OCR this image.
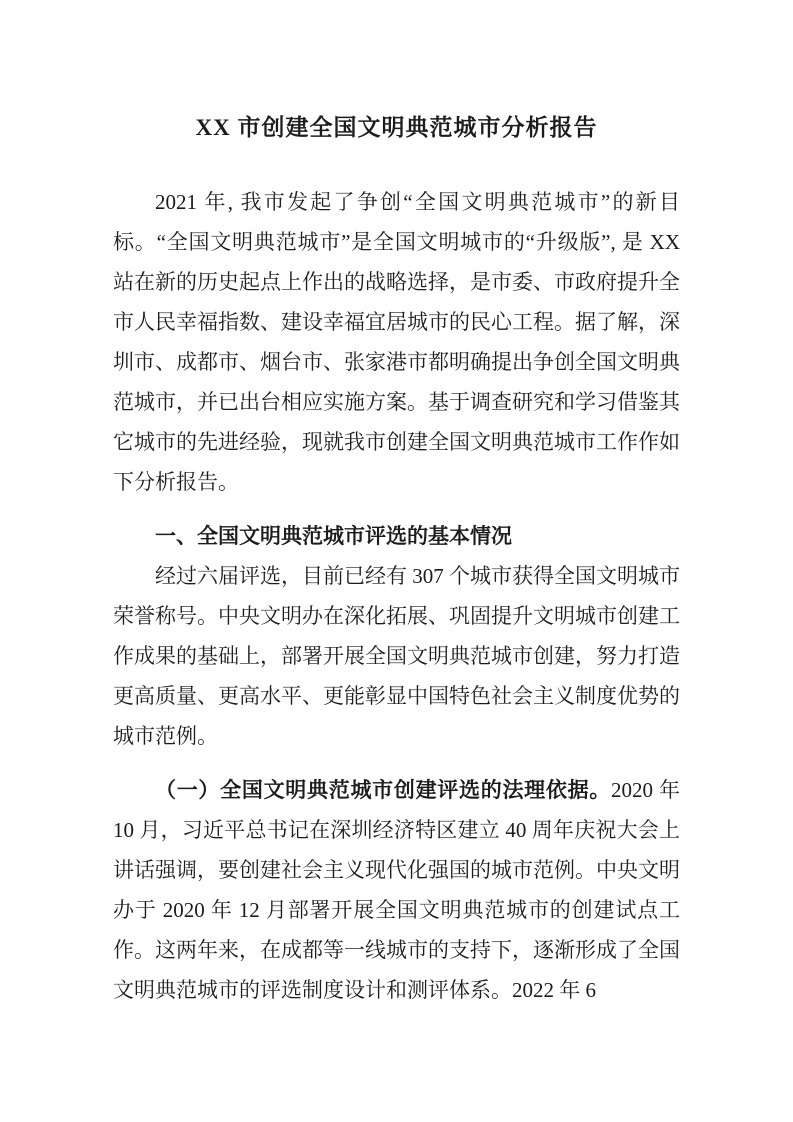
XX 市创建全国文明典范城市分析报告

2021 年, 我市发起了争创“全国文明典范城市”的新目标。“全国文明典范城市”是全国文明城市的“升级版”, 是 XX 站在新的历史起点上作出的战略选择，是市委、市政府提升全市人民幸福指数、建设幸福宜居城市的民心工程。据了解，深圳市、成都市、烟台市、张家港市都明确提出争创全国文明典范城市，并已出台相应实施方案。基于调查研究和学习借鉴其它城市的先进经验，现就我市创建全国文明典范城市工作作如下分析报告。

一、全国文明典范城市评选的基本情况

经过六届评选，目前已经有 307 个城市获得全国文明城市荣誉称号。中央文明办在深化拓展、巩固提升文明城市创建工作成果的基础上，部署开展全国文明典范城市创建，努力打造更高质量、更高水平、更能彰显中国特色社会主义制度优势的城市范例。

（一）全国文明典范城市创建评选的法理依据。2020 年 10 月，习近平总书记在深圳经济特区建立 40 周年庆祝大会上讲话强调，要创建社会主义现代化强国的城市范例。中央文明办于 2020 年 12 月部署开展全国文明典范城市的创建试点工作。这两年来，在成都等一线城市的支持下，逐渐形成了全国文明典范城市的评选制度设计和测评体系。2022 年 6
